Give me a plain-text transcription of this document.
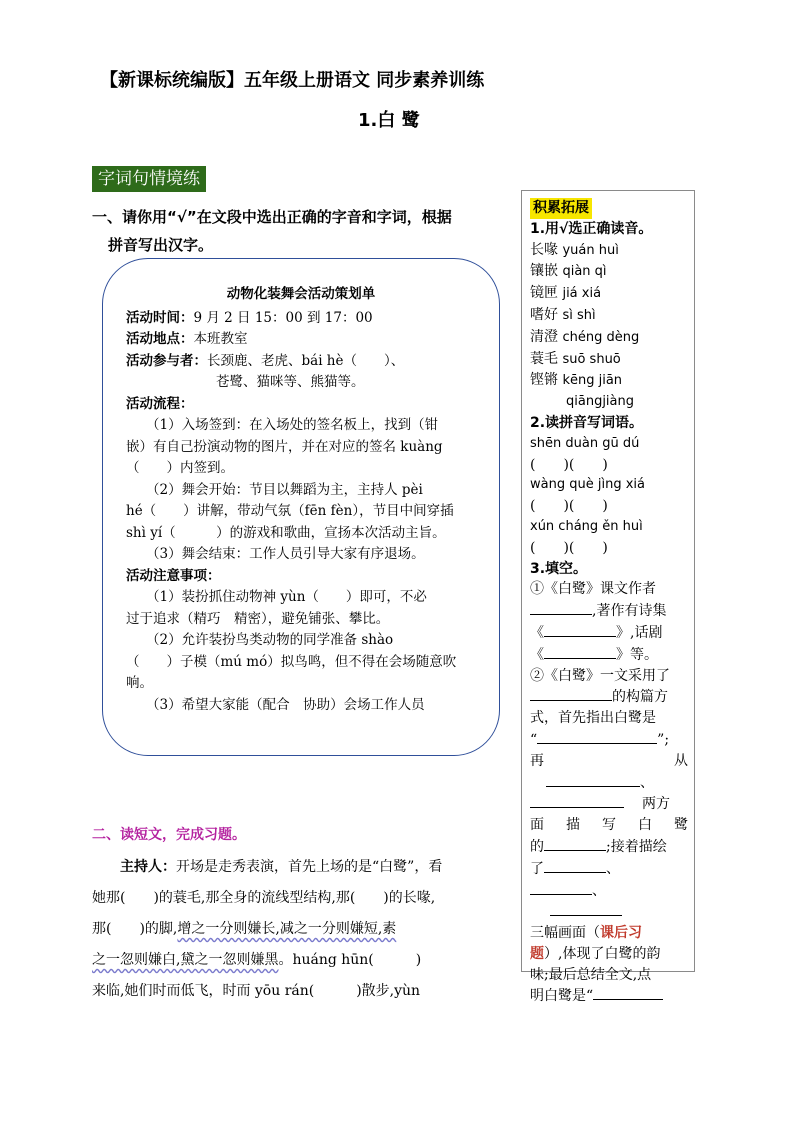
【新课标统编版】五年级上册语文 同步素养训练
1.白 鹭
字词句情境练
一、请你用“√”在文段中选出正确的字音和字词，根据
拼音写出汉字。
动物化装舞会活动策划单
活动时间：9 月 2 日 15：00 到 17：00
活动地点：本班教室
活动参与者：长颈鹿、老虎、bái hè（　　）、
苍鹭、猫咪等、熊猫等。
活动流程：
（1）入场签到：在入场处的签名板上，找到（钳
嵌）有自己扮演动物的图片，并在对应的签名 kuàng（　　）内签到。
（2）舞会开始：节目以舞蹈为主，主持人 pèi
hé（　　）讲解，带动气氛（fēn fèn），节目中间穿插 shì yí（　　　）的游戏和歌曲，宣扬本次活动主旨。
（3）舞会结束：工作人员引导大家有序退场。
活动注意事项：
（1）装扮抓住动物神 yùn（　　）即可，不必
过于追求（精巧　精密），避免铺张、攀比。
（2）允许装扮鸟类动物的同学准备 shào
（　　）子模（mú mó）拟鸟鸣，但不得在会场随意吹响。
（3）希望大家能（配合　协助）会场工作人员
二、读短文，完成习题。
主持人：开场是走秀表演，首先上场的是“白鹭”，看
她那(　　)的蓑毛,那全身的流线型结构,那(　　)的长喙,
那(　　)的脚,增之一分则嫌长,减之一分则嫌短,素
之一忽则嫌白,黛之一忽则嫌黑。huáng hūn(　　　)
来临,她们时而低飞，时而 yōu rán(　　　)散步,yùn
积累拓展
1.用√选正确读音。
长喙 yuán huì
镶嵌 qiàn qì
镜匣 jiá xiá
嗜好 sì shì
清澄 chéng dèng
蓑毛 suō shuō
铿锵 kēng jiān
qiāngjiàng
2.读拼音写词语。
shēn duàn gū dú
(　　)(　　)
wàng què jìng xiá
(　　)(　　)
xún cháng ěn huì
(　　)(　　)
3.填空。
①《白鹭》课文作者
,著作有诗集
《	》,话剧
《	》等。
②《白鹭》一文采用了
的构篇方
式，首先指出白鹭是
“	”;
再从
、
两方
面描写白鹭
的	;接着描绘
了	、
、
三幅画面（课后习
题）,体现了白鹭的韵
味;最后总结全文,点
明白鹭是“
